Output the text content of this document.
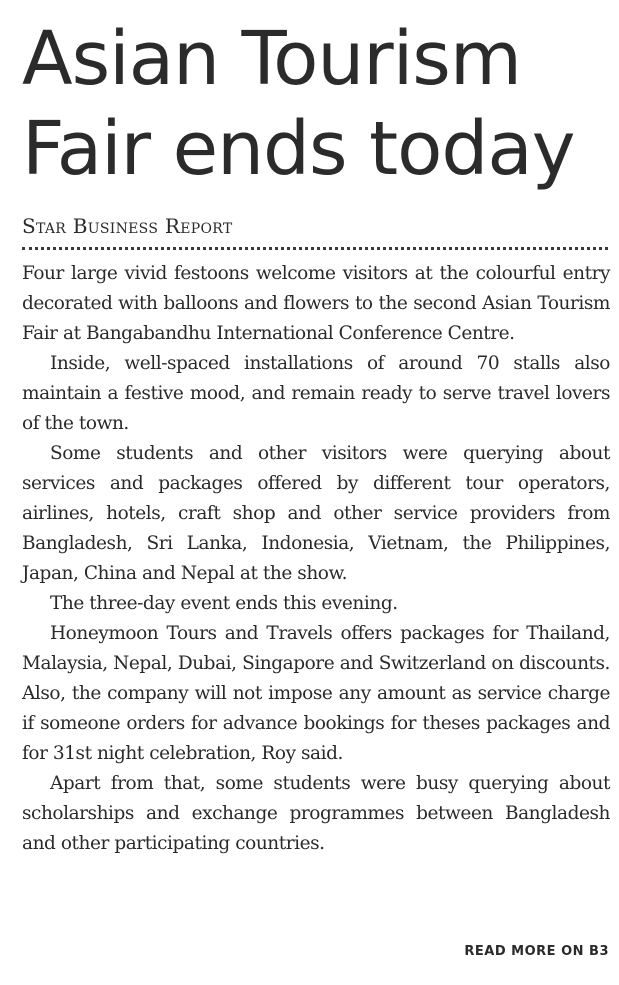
Asian Tourism
Fair ends today
Star Business Report

Four large vivid festoons welcome visitors at the colourful entry decorated with balloons and flowers to the second Asian Tourism Fair at Bangabandhu International Conference Centre.

Inside, well-spaced installations of around 70 stalls also maintain a festive mood, and remain ready to serve travel lovers of the town.

Some students and other visitors were querying about services and packages offered by different tour operators, airlines, hotels, craft shop and other service providers from Bangladesh, Sri Lanka, Indonesia, Vietnam, the Philippines, Japan, China and Nepal at the show.

The three-day event ends this evening.

Honeymoon Tours and Travels offers packages for Thailand, Malaysia, Nepal, Dubai, Singapore and Switzerland on discounts. Also, the company will not impose any amount as service charge if someone orders for advance bookings for theses packages and for 31st night celebration, Roy said.

Apart from that, some students were busy querying about scholarships and exchange programmes between Bangladesh and other participating countries.

READ MORE ON B3
